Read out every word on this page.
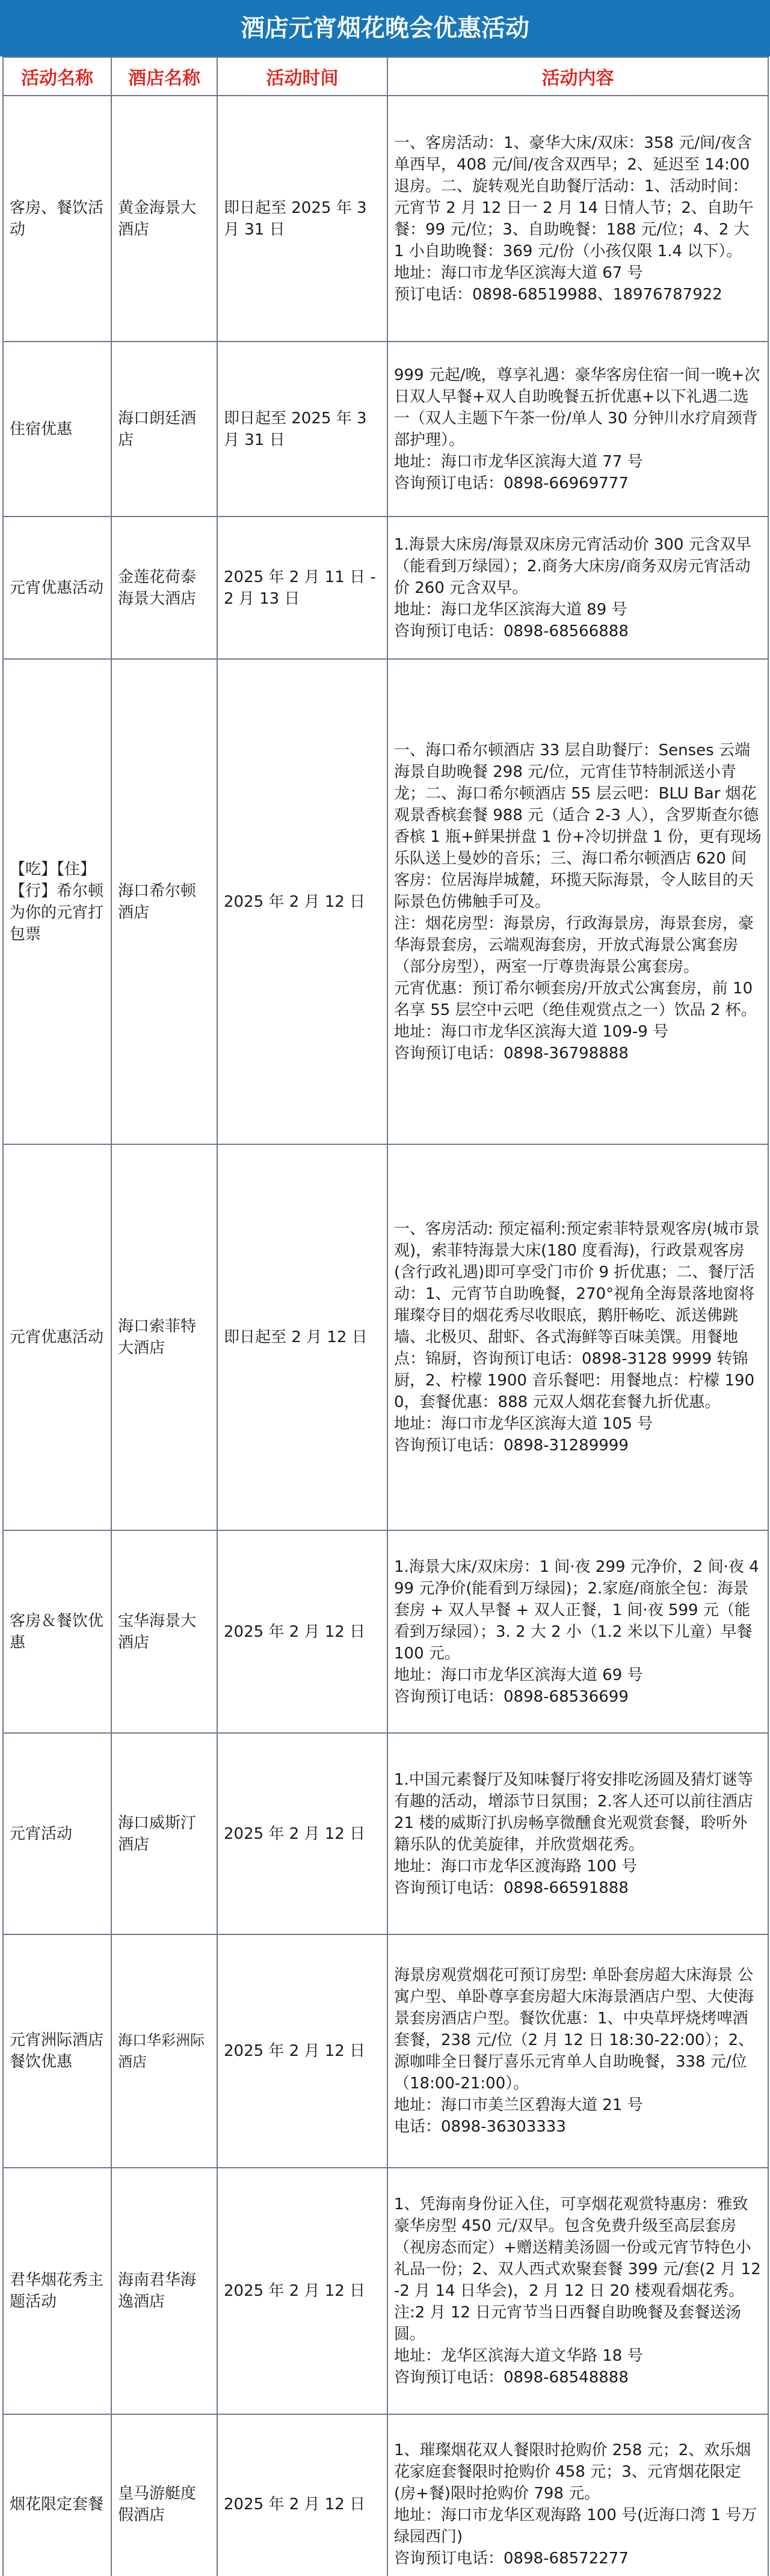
酒店元宵烟花晚会优惠活动
活动名称	酒店名称	活动时间	活动内容
客房、餐饮活动	黄金海景大酒店	即日起至 2025 年 3 月 31 日	一、客房活动：1、豪华大床/双床：358 元/间/夜含单西早，408 元/间/夜含双西早；2、延迟至 14:00 退房。二、旋转观光自助餐厅活动：1、活动时间：元宵节 2 月 12 日一 2 月 14 日情人节；2、自助午餐：99 元/位；3、自助晚餐：188 元/位；4、2 大 1 小自助晚餐：369 元/份（小孩仅限 1.4 以下）。

地址：海口市龙华区滨海大道 67 号

预订电话：0898-68519988、18976787922

住宿优惠	海口朗廷酒店	即日起至 2025 年 3 月 31 日	999 元起/晚，尊享礼遇：豪华客房住宿一间一晚+次日双人早餐+双人自助晚餐五折优惠+以下礼遇二选一（双人主题下午茶一份/单人 30 分钟川水疗肩颈背部护理）。

地址：海口市龙华区滨海大道 77 号

咨询预订电话：0898-66969777

元宵优惠活动	金莲花荷泰海景大酒店	2025 年 2 月 11 日 -2 月 13 日	1.海景大床房/海景双床房元宵活动价 300 元含双早（能看到万绿园）；2.商务大床房/商务双房元宵活动价 260 元含双早。

地址：海口龙华区滨海大道 89 号

咨询预订电话：0898-68566888

【吃】【住】【行】希尔顿为你的元宵打包票	海口希尔顿酒店	2025 年 2 月 12 日	一、海口希尔顿酒店 33 层自助餐厅：Senses 云端海景自助晚餐 298 元/位，元宵佳节特制派送小青龙；二、海口希尔顿酒店 55 层云吧：BLU Bar 烟花观景香槟套餐 988 元（适合 2-3 人），含罗斯查尔德香槟 1 瓶+鲜果拼盘 1 份+冷切拼盘 1 份，更有现场乐队送上曼妙的音乐；三、海口希尔顿酒店 620 间客房：位居海岸城麓，环揽天际海景，令人眩目的天际景色仿佛触手可及。

注：烟花房型：海景房，行政海景房，海景套房，豪华海景套房，云端观海套房，开放式海景公寓套房（部分房型），两室一厅尊贵海景公寓套房。

元宵优惠：预订希尔顿套房/开放式公寓套房，前 10 名享 55 层空中云吧（绝佳观赏点之一）饮品 2 杯。

地址：海口市龙华区滨海大道 109-9 号

咨询预订电话：0898-36798888

元宵优惠活动	海口索菲特大酒店	即日起至 2 月 12 日	一、客房活动: 预定福利:预定索菲特景观客房(城市景观)，索菲特海景大床(180 度看海)，行政景观客房(含行政礼遇)即可享受门市价 9 折优惠；二、餐厅活动：1、元宵节自助晚餐，270°视角全海景落地窗将璀璨夺目的烟花秀尽收眼底，鹅肝畅吃、派送佛跳墙、北极贝、甜虾、各式海鲜等百味美馔。用餐地点：锦厨，咨询预订电话：0898-3128 9999 转锦厨，2、柠檬 1900 音乐餐吧：用餐地点：柠檬 1900，套餐优惠：888 元双人烟花套餐九折优惠。

地址：海口市龙华区滨海大道 105 号

咨询预订电话：0898-31289999

客房＆餐饮优惠	宝华海景大酒店	2025 年 2 月 12 日	1.海景大床/双床房：1 间·夜 299 元净价，2 间·夜 499 元净价(能看到万绿园)；2.家庭/商旅全包：海景套房 + 双人早餐 + 双人正餐，1 间·夜 599 元（能看到万绿园）；3. 2 大 2 小（1.2 米以下儿童）早餐 100 元。

地址：海口市龙华区滨海大道 69 号

咨询预订电话：0898-68536699

元宵活动	海口威斯汀酒店	2025 年 2 月 12 日	1.中国元素餐厅及知味餐厅将安排吃汤圆及猜灯谜等有趣的活动，增添节日氛围；2.客人还可以前往酒店 21 楼的威斯汀扒房畅享微醺食光观赏套餐，聆听外籍乐队的优美旋律，并欣赏烟花秀。

地址：海口市龙华区渡海路 100 号

咨询预订电话：0898-66591888

元宵洲际酒店餐饮优惠	海口华彩洲际酒店	2025 年 2 月 12 日	海景房观赏烟花可预订房型: 单卧套房超大床海景 公寓户型、单卧尊享套房超大床海景酒店户型、大使海景套房酒店户型。餐饮优惠：1、中央草坪烧烤啤酒套餐，238 元/位（2 月 12 日 18:30-22:00）；2、源咖啡全日餐厅喜乐元宵单人自助晚餐，338 元/位（18:00-21:00）。

地址：海口市美兰区碧海大道 21 号

电话：0898-36303333

君华烟花秀主题活动	海南君华海逸酒店	2025 年 2 月 12 日	1、凭海南身份证入住，可享烟花观赏特惠房：雅致豪华房型 450 元/双早。包含免费升级至高层套房（视房态而定）+赠送精美汤圆一份或元宵节特色小礼品一份；2、双人西式欢聚套餐 399 元/套(2 月 12-2 月 14 日华会)，2 月 12 日 20 楼观看烟花秀。注:2 月 12 日元宵节当日西餐自助晚餐及套餐送汤圆。

地址：龙华区滨海大道文华路 18 号

咨询预订电话：0898-68548888

烟花限定套餐	皇马游艇度假酒店	2025 年 2 月 12 日	1、璀璨烟花双人餐限时抢购价 258 元；2、欢乐烟花家庭套餐限时抢购价 458 元；3、元宵烟花限定(房+餐)限时抢购价 798 元。

地址：海口市龙华区观海路 100 号(近海口湾 1 号万绿园西门)

咨询预订电话：0898-68572277
